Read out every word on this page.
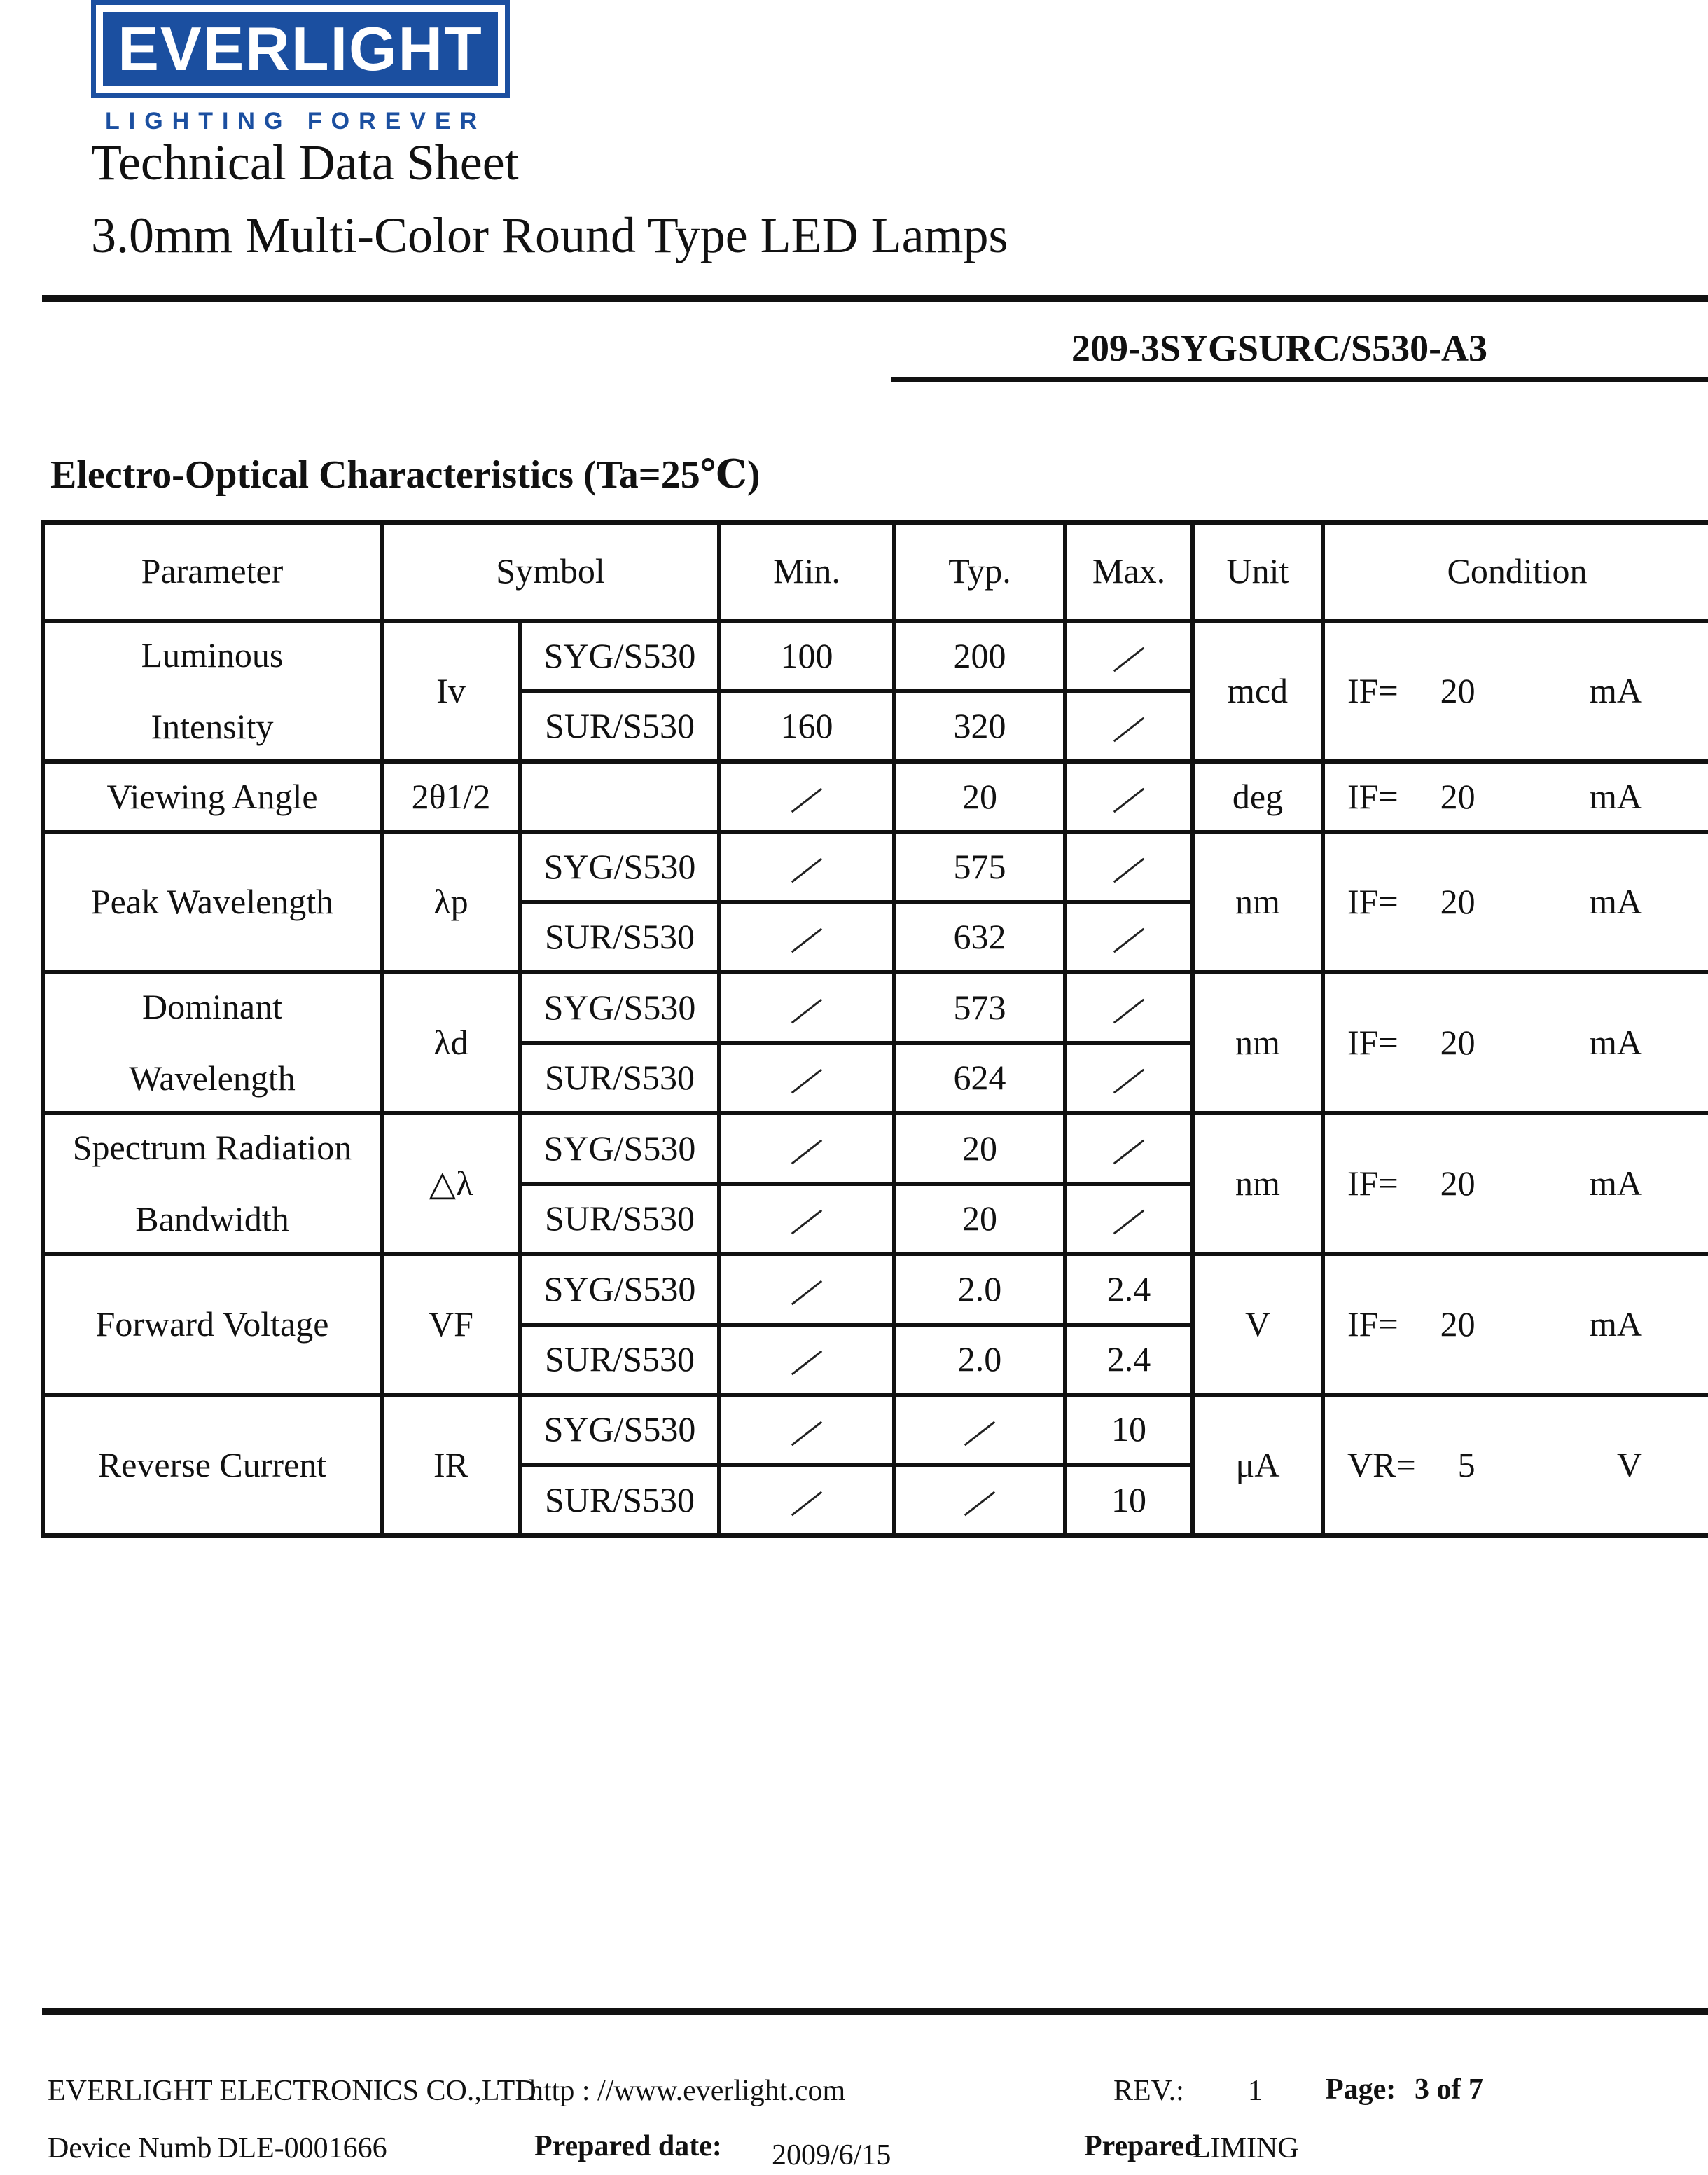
EVERLIGHT
LIGHTING FOREVER
Technical Data Sheet
3.0mm Multi-Color Round Type LED Lamps
209-3SYGSURC/S530-A3
Electro-Optical Characteristics (Ta=25℃)
Parameter	Symbol		Min.	Typ.	Max.	Unit	Condition

Luminous
Intensity	Iv	SYG/S530	100	200		mcd	IF= 20 mA

		SUR/S530	160	320			
Viewing Angle	2θ1/2			20		deg	IF= 20 mA

Peak Wavelength	λp	SYG/S530		575		nm	IF= 20 mA

		SUR/S530		632			

Dominant
Wavelength	λd	SYG/S530		573		nm	IF= 20 mA

		SUR/S530		624			

Spectrum Radiation
Bandwidth	△λ	SYG/S530		20		nm	IF= 20 mA

		SUR/S530		20			
Forward Voltage	VF	SYG/S530		2.0	2.4	V	IF= 20 mA

		SUR/S530		2.0	2.4		
Reverse Current	IR	SYG/S530			10	μA	VR= 5 V

		SUR/S530			10		
EVERLIGHT ELECTRONICS CO.,LTD
http : //www.everlight.com	REV.: 1 Page: 3 of 7
Device Numb DLE-0001666	Prepared date: 2009/6/15	Prepared
LIMING
